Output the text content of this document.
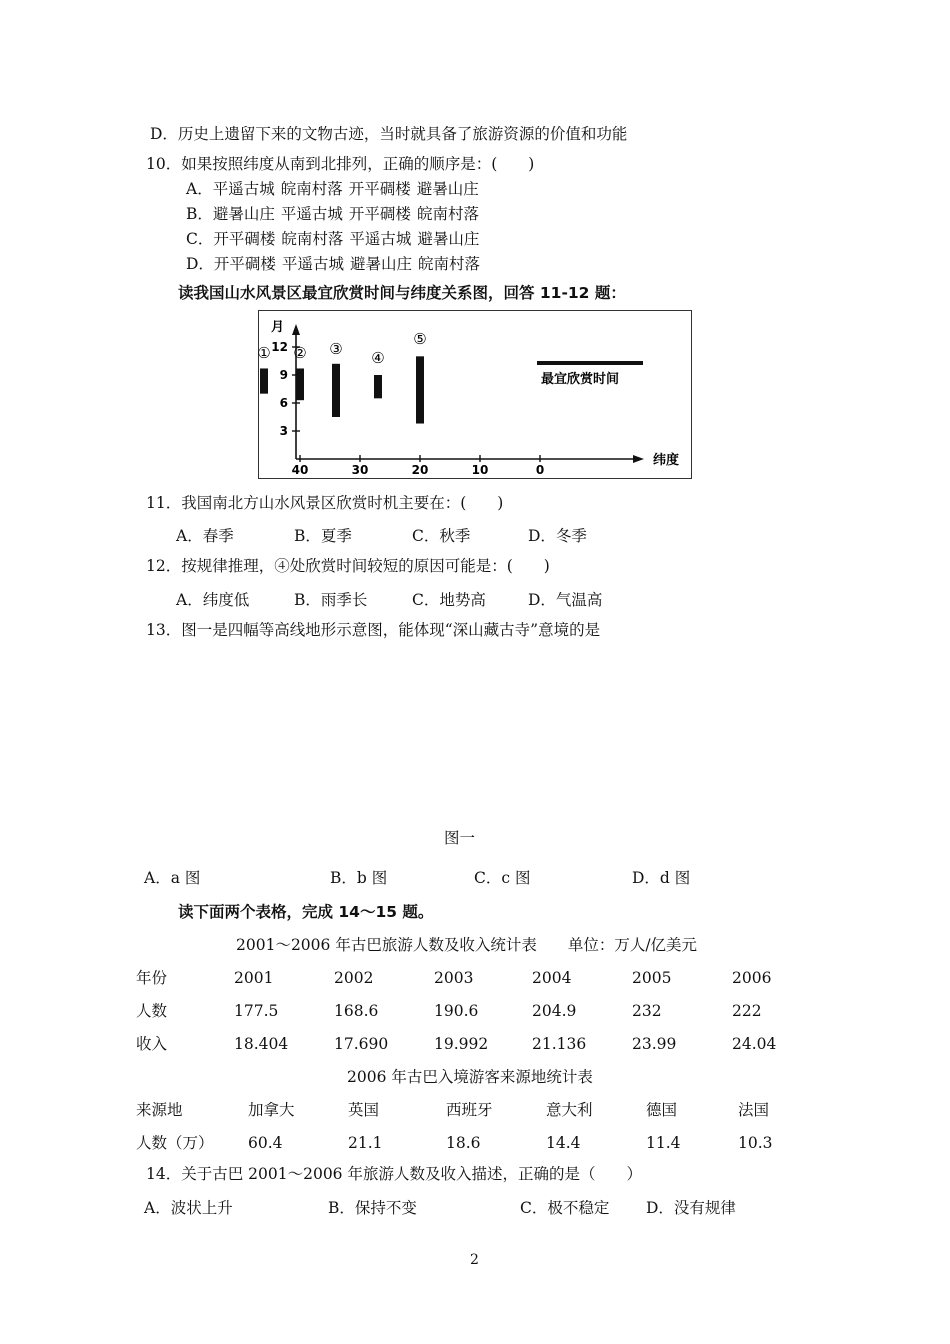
D．历史上遗留下来的文物古迹，当时就具备了旅游资源的价值和功能
10．如果按照纬度从南到北排列，正确的顺序是：(　　)
A．平遥古城 皖南村落 开平碉楼 避暑山庄
B．避暑山庄 平遥古城 开平碉楼 皖南村落
C．开平碉楼 皖南村落 平遥古城 避暑山庄
D．开平碉楼 平遥古城 避暑山庄 皖南村落
读我国山水风景区最宜欣赏时间与纬度关系图，回答 11-12 题：
12
9
6
3
40	30	20	10	0
月
纬度
① ② ③ ④
⑤
最宜欣赏时间
11．我国南北方山水风景区欣赏时机主要在：(　　)
A．春季	B．夏季	C．秋季	D．冬季
12．按规律推理，④处欣赏时间较短的原因可能是：(　　)
A．纬度低	B．雨季长	C．地势高	D．气温高
13．图一是四幅等高线地形示意图，能体现“深山藏古寺”意境的是
图一
A．a 图	B．b 图	C．c 图	D．d 图
读下面两个表格，完成 14～15 题。
2001～2006 年古巴旅游人数及收入统计表　　单位：万人/亿美元
年份	2001	2002	2003	2004	2005	2006
人数	177.5	168.6	190.6	204.9	232	222
收入	18.404	17.690	19.992	21.136	23.99	24.04
2006 年古巴入境游客来源地统计表
来源地	加拿大	英国	西班牙	意大利	德国	法国
人数（万） 60.4	21.1	18.6	14.4	11.4	10.3
14．关于古巴 2001～2006 年旅游人数及收入描述，正确的是（　　）
A．波状上升	B．保持不变	C．极不稳定 D．没有规律
2
